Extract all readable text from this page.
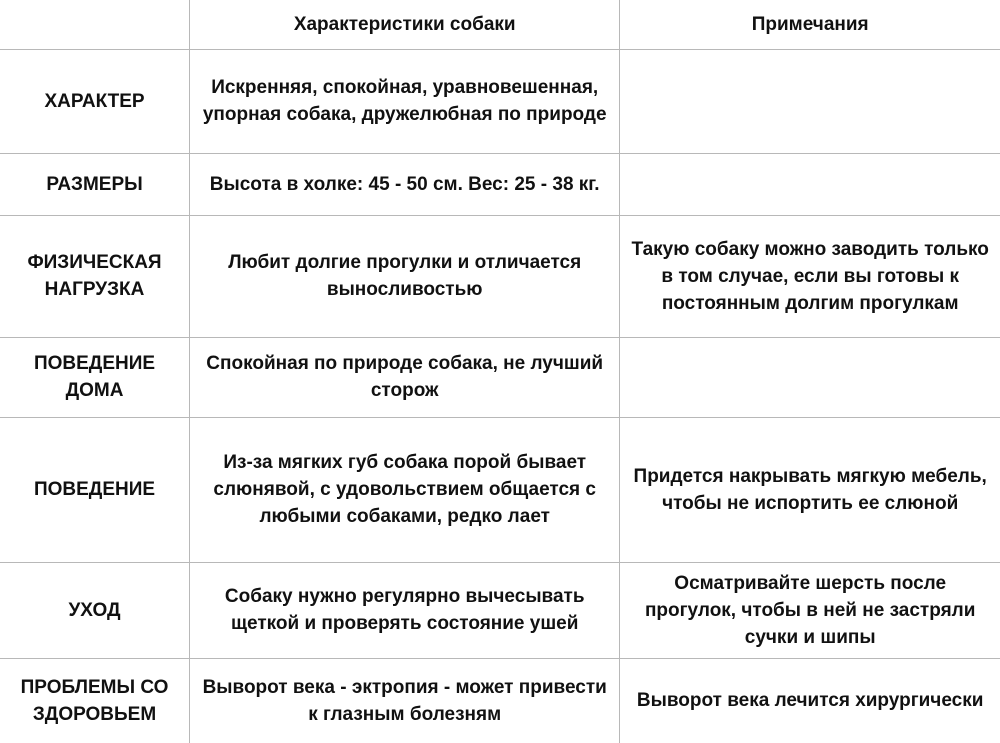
	Характеристики собаки	Примечания
ХАРАКТЕР	Искренняя, спокойная, уравновешенная, упорная собака, дружелюбная по природе	
РАЗМЕРЫ	Высота в холке: 45 - 50 см. Вес: 25 - 38 кг.	
ФИЗИЧЕСКАЯ НАГРУЗКА	Любит долгие прогулки и отличается выносливостью	Такую собаку можно заводить только в том случае, если вы готовы к постоянным долгим прогулкам
ПОВЕДЕНИЕ ДОМА	Спокойная по природе собака, не лучший сторож	
ПОВЕДЕНИЕ	Из-за мягких губ собака порой бывает слюнявой, с удовольствием общается с любыми собаками, редко лает	Придется накрывать мягкую мебель, чтобы не испортить ее слюной
УХОД	Собаку нужно регулярно вычесывать щеткой и проверять состояние ушей	Осматривайте шерсть после прогулок, чтобы в ней не застряли сучки и шипы
ПРОБЛЕМЫ СО ЗДОРОВЬЕМ	Выворот века - эктропия - может привести к глазным болезням	Выворот века лечится хирургически
